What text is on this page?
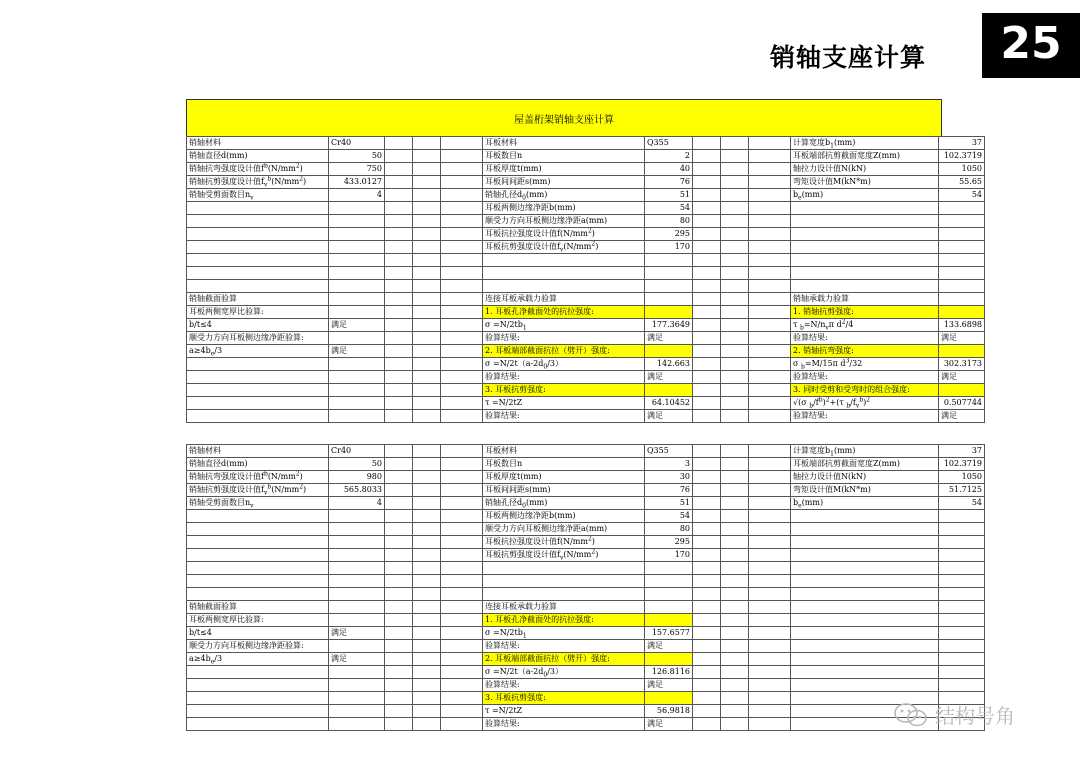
销轴支座计算	25
屋盖桁架销轴支座计算
销轴材料	Cr40				耳板材料	Q355				计算宽度$b_1(mm)$	37
销轴直径d(mm)	50				耳板数目n	2				耳板端部抗剪截面宽度Z(mm)	102.3719
销轴抗弯强度设计值$f^b(N/mm^2)$	750				耳板厚度t(mm)	40				轴拉力设计值N(kN)	1050
销轴抗剪强度设计值$f_v^b(N/mm^2)$	433.0127				耳板间间距s(mm)	76				弯矩设计值M(kN*m)	55.65
销轴受剪面数目$n_v$	4				销轴孔径$d_0(mm)$	51				$b_e(mm)$	54
					耳板两侧边缘净距b(mm)	54					
					顺受力方向耳板侧边缘净距a(mm)	80					
					耳板抗拉强度设计值$f(N/mm^2)$	295					
					耳板抗剪强度设计值$f_v(N/mm^2)$	170					

销轴截面验算					连接耳板承载力验算					销轴承载力验算	
耳板两侧宽厚比验算:					1. 耳板孔净截面处的抗拉强度:					1. 销轴抗剪强度:	
b/t≤4	满足				$\sigma =N/2tb_1$	177.3649				τ $_b=N/n_v\pi$ $d^2/4$	133.6898
顺受力方向耳板侧边缘净距验算:					验算结果:	满足				验算结果:	满足
$a\ge 4b_e/3$	满足				2. 耳板端部截面抗拉（劈开）强度:					2. 销轴抗弯强度:	
					$\sigma =N/2t(a-2d_0/3)$	142.663				σ $_b$=M/15π $d^3/32$	302.3173
					验算结果:	满足				验算结果:	满足
					3. 耳板抗剪强度:					3. 同时受剪和受弯时的组合强度:	
					τ =N/2tZ	64.10452				√(σ $_b/f^b)^2+(\tau$ $_b/f_v^b)^2$	0.507744
					验算结果:	满足				验算结果:	满足
销轴材料	Cr40				耳板材料	Q355				计算宽度$b_1(mm)$	37
销轴直径d(mm)	50				耳板数目n	3				耳板端部抗剪截面宽度Z(mm)	102.3719
销轴抗弯强度设计值$f^b(N/mm^2)$	980				耳板厚度t(mm)	30				轴拉力设计值N(kN)	1050
销轴抗剪强度设计值$f_v^b(N/mm^2)$	565.8033				耳板间间距s(mm)	76				弯矩设计值M(kN*m)	51.7125
销轴受剪面数目$n_v$	4				销轴孔径$d_0(mm)$	51				$b_e(mm)$	54
					耳板两侧边缘净距b(mm)	54					
					顺受力方向耳板侧边缘净距a(mm)	80					
					耳板抗拉强度设计值$f(N/mm^2)$	295					
					耳板抗剪强度设计值$f_v(N/mm^2)$	170					

销轴截面验算					连接耳板承载力验算						
耳板两侧宽厚比验算:					1. 耳板孔净截面处的抗拉强度:						
b/t≤4	满足				$\sigma =N/2tb_1$	157.6577					
顺受力方向耳板侧边缘净距验算:					验算结果:	满足					
$a\ge 4b_e/3$	满足				2. 耳板端部截面抗拉（劈开）强度:						
					$\sigma =N/2t(a-2d_0/3)$	126.8116					
					验算结果:	满足					
					3. 耳板抗剪强度:						
					τ =N/2tZ	56.9818					
					验算结果:	满足						结构号角
